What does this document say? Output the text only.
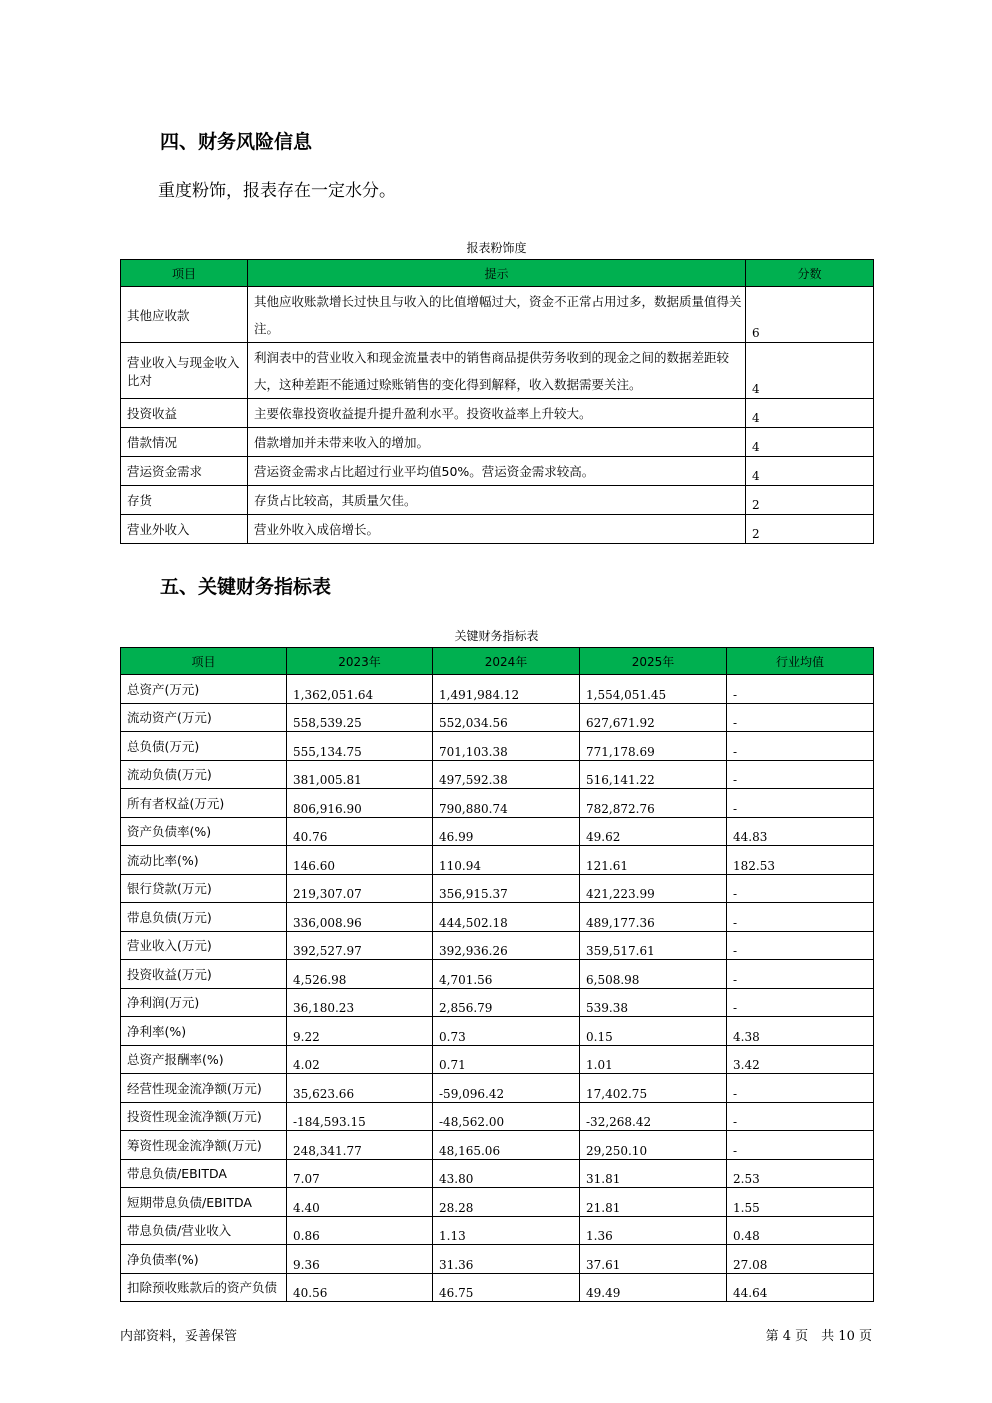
四、财务风险信息
重度粉饰，报表存在一定水分。
报表粉饰度
项目	提示	分数
其他应收款	其他应收账款增长过快且与收入的比值增幅过大，资金不正常占用过多，数据质量值得关注。	6
营业收入与现金收入比对	利润表中的营业收入和现金流量表中的销售商品提供劳务收到的现金之间的数据差距较大，这种差距不能通过赊账销售的变化得到解释，收入数据需要关注。	4
投资收益	主要依靠投资收益提升提升盈利水平。投资收益率上升较大。	4
借款情况	借款增加并未带来收入的增加。	4
营运资金需求	营运资金需求占比超过行业平均值50%。营运资金需求较高。	4
存货	存货占比较高，其质量欠佳。	2
营业外收入	营业外收入成倍增长。	2
五、关键财务指标表
关键财务指标表
项目	2023年	2024年	2025年	行业均值
总资产(万元)	1,362,051.64	1,491,984.12	1,554,051.45	-
流动资产(万元)	558,539.25	552,034.56	627,671.92	-
总负债(万元)	555,134.75	701,103.38	771,178.69	-
流动负债(万元)	381,005.81	497,592.38	516,141.22	-
所有者权益(万元)	806,916.90	790,880.74	782,872.76	-
资产负债率(%)	40.76	46.99	49.62	44.83
流动比率(%)	146.60	110.94	121.61	182.53
银行贷款(万元)	219,307.07	356,915.37	421,223.99	-
带息负债(万元)	336,008.96	444,502.18	489,177.36	-
营业收入(万元)	392,527.97	392,936.26	359,517.61	-
投资收益(万元)	4,526.98	4,701.56	6,508.98	-
净利润(万元)	36,180.23	2,856.79	539.38	-
净利率(%)	9.22	0.73	0.15	4.38
总资产报酬率(%)	4.02	0.71	1.01	3.42
经营性现金流净额(万元)	35,623.66	-59,096.42	17,402.75	-
投资性现金流净额(万元)	-184,593.15	-48,562.00	-32,268.42	-
筹资性现金流净额(万元)	248,341.77	48,165.06	29,250.10	-
带息负债/EBITDA	7.07	43.80	31.81	2.53
短期带息负债/EBITDA	4.40	28.28	21.81	1.55
带息负债/营业收入	0.86	1.13	1.36	0.48
净负债率(%)	9.36	31.36	37.61	27.08
扣除预收账款后的资产负债	40.56	46.75	49.49	44.64
内部资料，妥善保管	第 4 页　共 10 页
